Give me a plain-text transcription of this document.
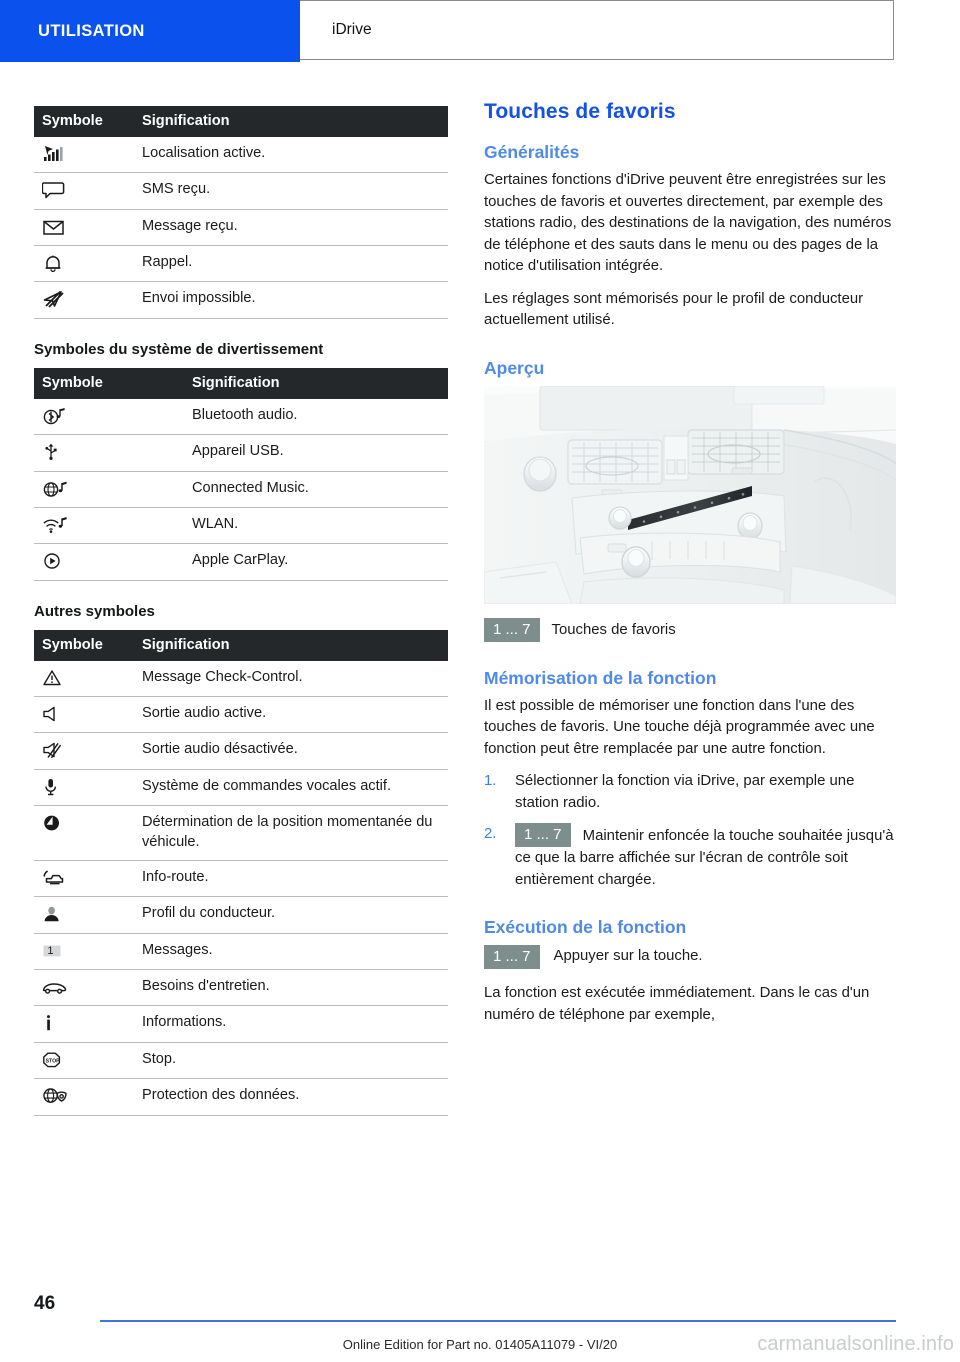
UTILISATION	iDrive
Symbole	Signification

	Localisation active.

	SMS reçu.

	Message reçu.

	Rappel.

	Envoi impossible.
Symboles du système de divertissement
Symbole	Signification

	Bluetooth audio.

	Appareil USB.

	Connected Music.

	WLAN.

	Apple CarPlay.
Autres symboles
Symbole	Signification

	Message Check-Control.

	Sortie audio active.

	Sortie audio désactivée.

	Système de commandes vocales actif.

	Détermination de la position momentanée du véhicule.

	Info-route.

	Profil du conducteur.

1	Messages.

	Besoins d'entretien.

	Informations.

STOP	Stop.

	Protection des données.
Touches de favoris
Généralités

Certaines fonctions d'iDrive peuvent être enregistrées sur les touches de favoris et ouvertes directement, par exemple des stations radio, des destinations de la navigation, des numéros de téléphone et des sauts dans le menu ou des pages de la notice d'utilisation intégrée.

Les réglages sont mémorisés pour le profil de conducteur actuellement utilisé.

Aperçu
1 ... 7	Touches de favoris
Mémorisation de la fonction

Il est possible de mémoriser une fonction dans l'une des touches de favoris. Une touche déjà programmée avec une fonction peut être remplacée par une autre fonction.

1. Sélectionner la fonction via iDrive, par exemple une station radio.
2. 1 ... 7 Maintenir enfoncée la touche souhaitée jusqu'à ce que la barre affichée sur l'écran de contrôle soit entièrement chargée.
Exécution de la fonction
1 ... 7	Appuyer sur la touche.

La fonction est exécutée immédiatement. Dans le cas d'un numéro de téléphone par exemple,

46
Online Edition for Part no. 01405A11079 - VI/20	carmanualsonline.info
